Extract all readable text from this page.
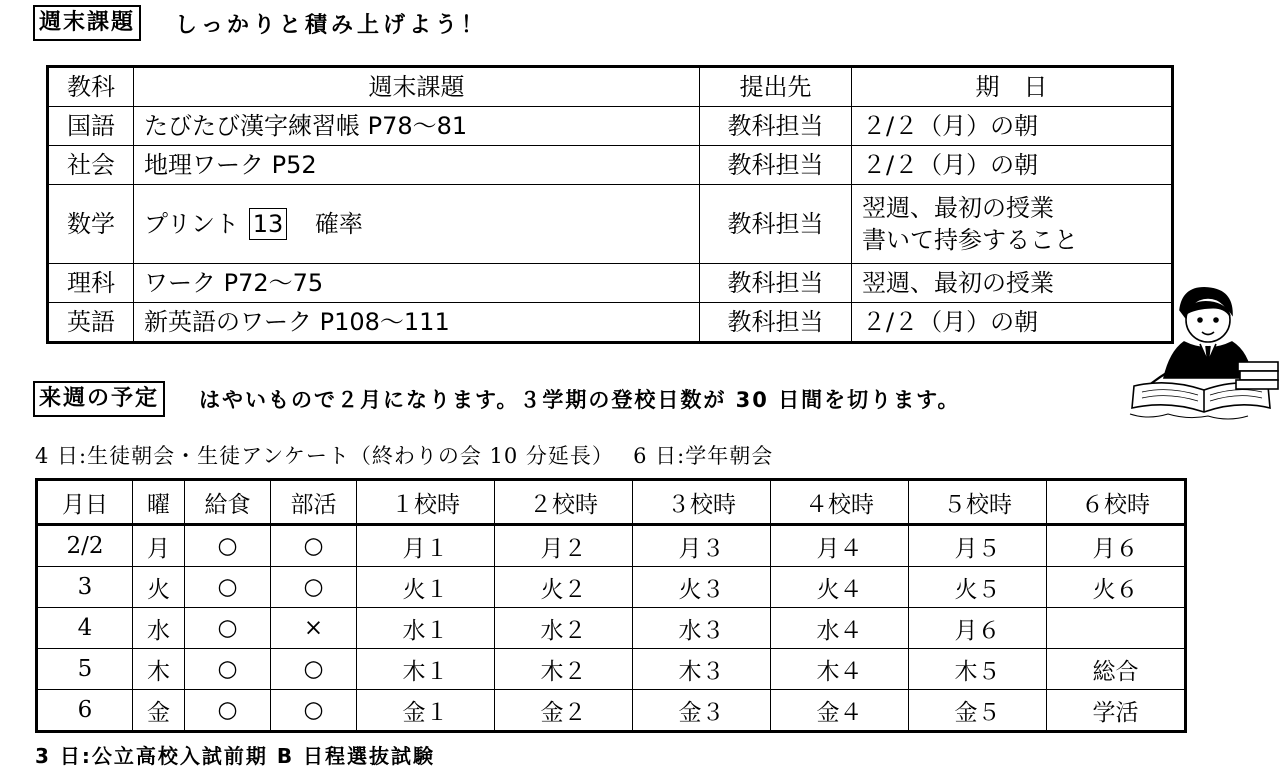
週末課題 しっかりと積み上げよう！
教科	週末課題	提出先	期　日
国語	たびたび漢字練習帳 P78～81	教科担当	２/２（月）の朝
社会	地理ワーク P52	教科担当	２/２（月）の朝
数学	プリント 13 確率	教科担当	翌週、最初の授業
書いて持参すること

理科	ワーク P72～75	教科担当	翌週、最初の授業
英語	新英語のワーク P108～111	教科担当	２/２（月）の朝
来週の予定 はやいもので２月になります。３学期の登校日数が 30 日間を切ります。
4 日:生徒朝会・生徒アンケート（終わりの会 10 分延長）　 6 日:学年朝会
月日	曜	給食	部活	１校時	２校時	３校時	４校時	５校時	６校時
2/2	月	○	○	月１	月２	月３	月４	月５	月６
3	火	○	○	火１	火２	火３	火４	火５	火６
4	水	○	×	水１	水２	水３	水４	月６	
5	木	○	○	木１	木２	木３	木４	木５	総合
6	金	○	○	金１	金２	金３	金４	金５	学活
3 日:公立高校入試前期 B 日程選抜試験
